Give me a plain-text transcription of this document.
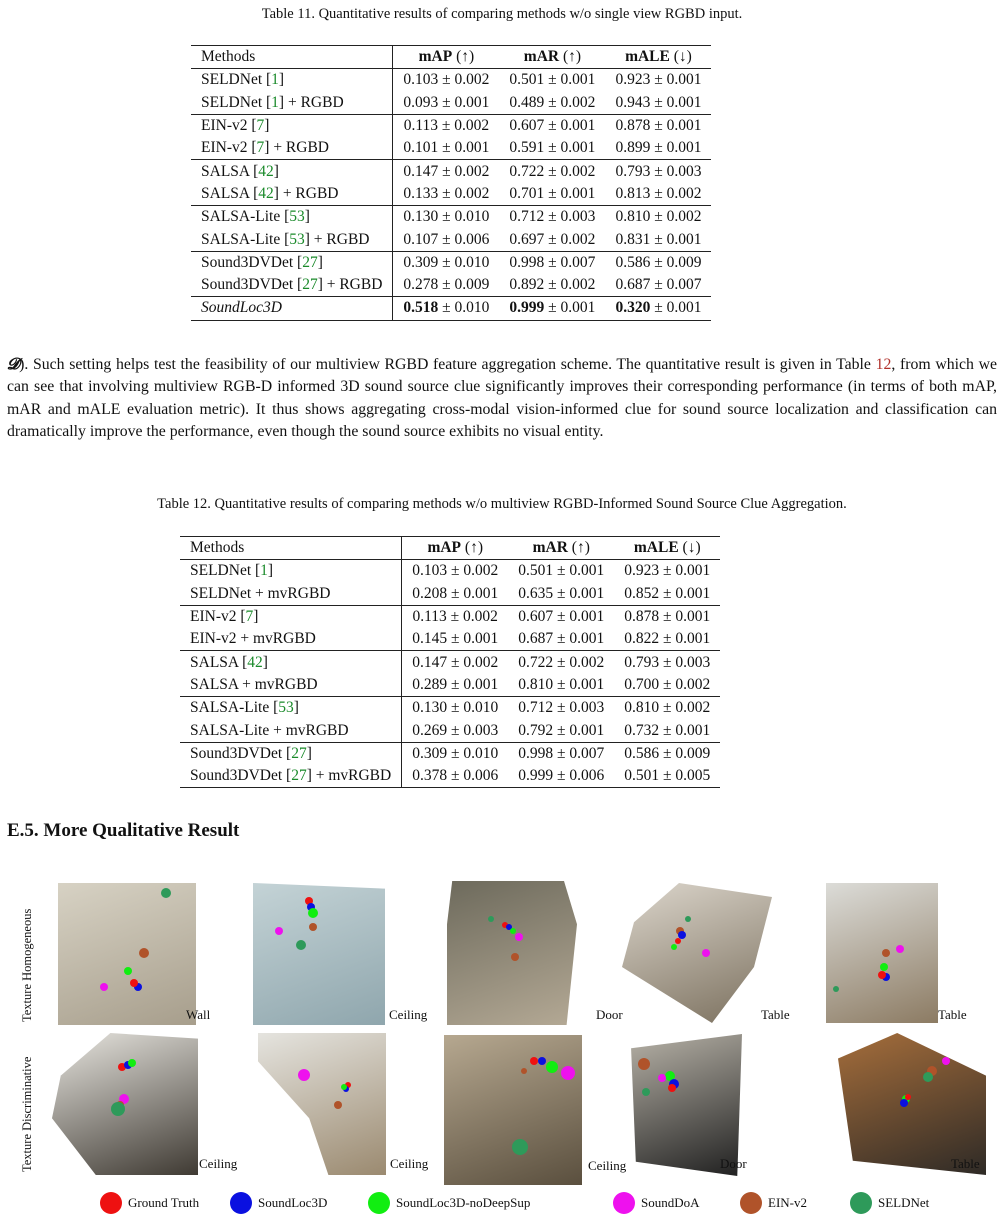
Table 11. Quantitative results of comparing methods w/o single view RGBD input.
Methods	mAP (↑)	mAR (↑)	mALE (↓)
SELDNet [1]	0.103 ± 0.002	0.501 ± 0.001	0.923 ± 0.001
SELDNet [1] + RGBD	0.093 ± 0.001	0.489 ± 0.002	0.943 ± 0.001
EIN-v2 [7]	0.113 ± 0.002	0.607 ± 0.001	0.878 ± 0.001
EIN-v2 [7] + RGBD	0.101 ± 0.001	0.591 ± 0.001	0.899 ± 0.001
SALSA [42]	0.147 ± 0.002	0.722 ± 0.002	0.793 ± 0.003
SALSA [42] + RGBD	0.133 ± 0.002	0.701 ± 0.001	0.813 ± 0.002
SALSA-Lite [53]	0.130 ± 0.010	0.712 ± 0.003	0.810 ± 0.002
SALSA-Lite [53] + RGBD	0.107 ± 0.006	0.697 ± 0.002	0.831 ± 0.001
Sound3DVDet [27]	0.309 ± 0.010	0.998 ± 0.007	0.586 ± 0.009
Sound3DVDet [27] + RGBD	0.278 ± 0.009	0.892 ± 0.002	0.687 ± 0.007
SoundLoc3D	0.518 ± 0.010	0.999 ± 0.001	0.320 ± 0.001
𝓓). Such setting helps test the feasibility of our multiview RGBD feature aggregation scheme. The quantitative result is given in Table 12, from which we can see that involving multiview RGB-D informed 3D sound source clue significantly improves their corresponding performance (in terms of both mAP, mAR and mALE evaluation metric). It thus shows aggregating cross-modal vision-informed clue for sound source localization and classification can dramatically improve the performance, even though the sound source exhibits no visual entity.
Table 12. Quantitative results of comparing methods w/o multiview RGBD-Informed Sound Source Clue Aggregation.
Methods	mAP (↑)	mAR (↑)	mALE (↓)
SELDNet [1]	0.103 ± 0.002	0.501 ± 0.001	0.923 ± 0.001
SELDNet + mvRGBD	0.208 ± 0.001	0.635 ± 0.001	0.852 ± 0.001
EIN-v2 [7]	0.113 ± 0.002	0.607 ± 0.001	0.878 ± 0.001
EIN-v2 + mvRGBD	0.145 ± 0.001	0.687 ± 0.001	0.822 ± 0.001
SALSA [42]	0.147 ± 0.002	0.722 ± 0.002	0.793 ± 0.003
SALSA + mvRGBD	0.289 ± 0.001	0.810 ± 0.001	0.700 ± 0.002
SALSA-Lite [53]	0.130 ± 0.010	0.712 ± 0.003	0.810 ± 0.002
SALSA-Lite + mvRGBD	0.269 ± 0.003	0.792 ± 0.001	0.732 ± 0.001
Sound3DVDet [27]	0.309 ± 0.010	0.998 ± 0.007	0.586 ± 0.009
Sound3DVDet [27] + mvRGBD	0.378 ± 0.006	0.999 ± 0.006	0.501 ± 0.005
E.5. More Qualitative Result
Texture Homogeneous
Texture Discriminative
Wall	Ceiling	Door	Table	Table
Ceiling	Ceiling	Ceiling	Door	Table
Ground Truth	SoundLoc3D	SoundLoc3D-noDeepSup	SoundDoA	EIN-v2	SELDNet
